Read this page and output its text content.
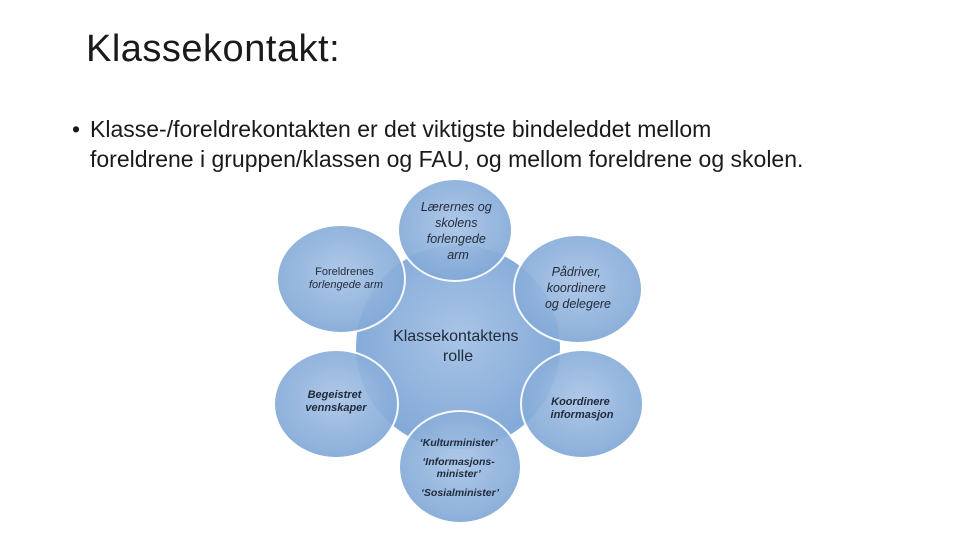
Klassekontakt:
• Klasse-/foreldrekontakten er det viktigste bindeleddet mellom
foreldrene i gruppen/klassen og FAU, og mellom foreldrene og skolen.
Klassekontaktens rolle
Lærernes og skolens forlengede arm
Foreldrenes forlengede arm
Pådriver, koordinere og delegere
Begeistret vennskaper	Koordinere informasjon
‘Kulturminister’ ‘Informasjons- minister’ ‘Sosialminister’
